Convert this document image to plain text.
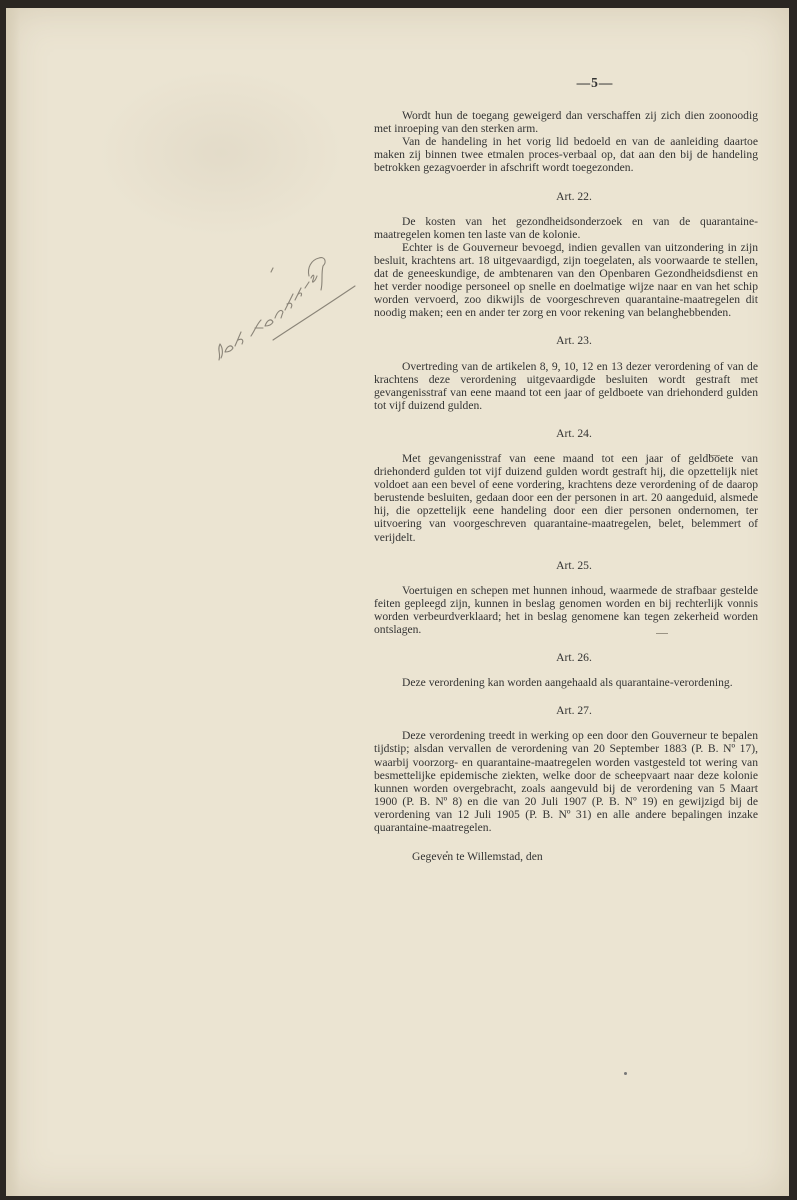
—5—

Wordt hun de toegang geweigerd dan verschaffen zij zich dien zoonoodig met inroeping van den sterken arm.

Van de handeling in het vorig lid bedoeld en van de aanleiding daartoe maken zij binnen twee etmalen proces-verbaal op, dat aan den bij de handeling betrokken gezagvoerder in afschrift wordt toegezonden.

Art. 22.

De kosten van het gezondheidsonderzoek en van de quarantaine-maatregelen komen ten laste van de kolonie.

Echter is de Gouverneur bevoegd, indien gevallen van uitzondering in zijn besluit, krachtens art. 18 uitgevaardigd, zijn toegelaten, als voorwaarde te stellen, dat de geneeskundige, de ambtenaren van den Openbaren Gezondheidsdienst en het verder noodige personeel op snelle en doelmatige wijze naar en van het schip worden vervoerd, zoo dikwijls de voorgeschreven quarantaine-maatregelen dit noodig maken; een en ander ter zorg en voor rekening van belanghebbenden.

Art. 23.

Overtreding van de artikelen 8, 9, 10, 12 en 13 dezer verordening of van de krachtens deze verordening uitgevaardigde besluiten wordt gestraft met gevangenisstraf van eene maand tot een jaar of geldboete van driehonderd gulden tot vijf duizend gulden.

Art. 24.

Met gevangenisstraf van eene maand tot een jaar of geldboete van driehonderd gulden tot vijf duizend gulden wordt gestraft hij, die opzettelijk niet voldoet aan een bevel of eene vordering, krachtens deze verordening of de daarop berustende besluiten, gedaan door een der personen in art. 20 aangeduid, alsmede hij, die opzettelijk eene handeling door een dier personen ondernomen, ter uitvoering van voorgeschreven quarantaine-maatregelen, belet, belemmert of verijdelt.

Art. 25.

Voertuigen en schepen met hunnen inhoud, waarmede de strafbaar gestelde feiten gepleegd zijn, kunnen in beslag genomen worden en bij rechterlijk vonnis worden verbeurdverklaard; het in beslag genomene kan tegen zekerheid worden ontslagen.

Art. 26.

Deze verordening kan worden aangehaald als quarantaine-verordening.

Art. 27.

Deze verordening treedt in werking op een door den Gouverneur te bepalen tijdstip; alsdan vervallen de verordening van 20 September 1883 (P. B. Nº 17), waarbij voorzorg- en quarantaine-maatregelen worden vastgesteld tot wering van besmettelijke epidemische ziekten, welke door de scheepvaart naar deze kolonie kunnen worden overgebracht, zoals aangevuld bij de verordening van 5 Maart 1900 (P. B. Nº 8) en die van 20 Juli 1907 (P. B. Nº 19) en gewijzigd bij de verordening van 12 Juli 1905 (P. B. Nº 31) en alle andere bepalingen inzake quarantaine-maatregelen.

Gegeven te Willemstad, den
